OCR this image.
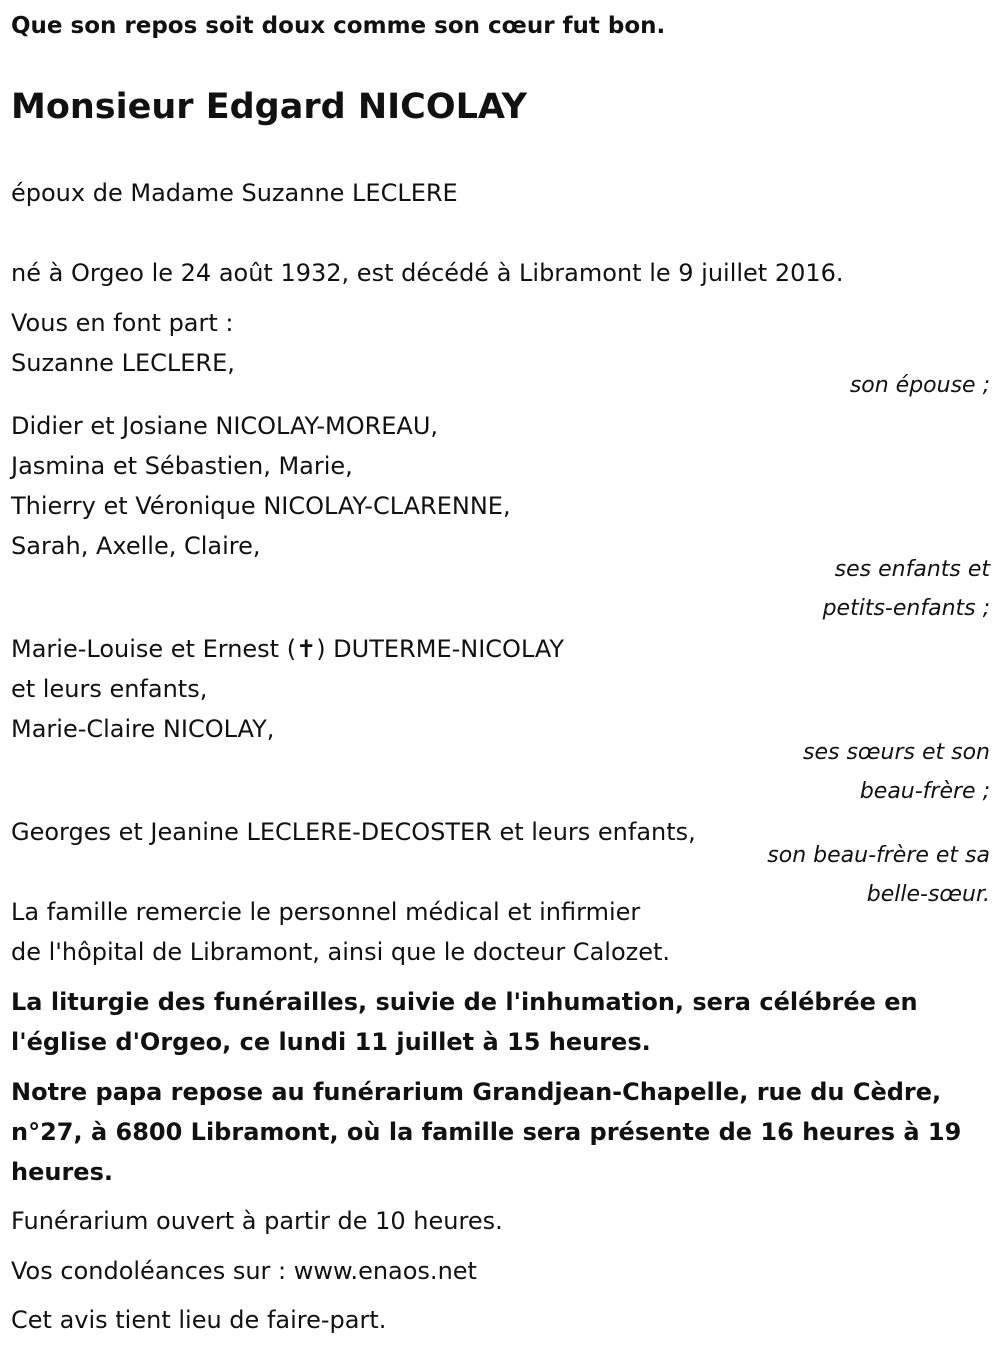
Que son repos soit doux comme son cœur fut bon.
Monsieur Edgard NICOLAY
époux de Madame Suzanne LECLERE
né à Orgeo le 24 août 1932, est décédé à Libramont le 9 juillet 2016.
Vous en font part :
Suzanne LECLERE,
son épouse ;
Didier et Josiane NICOLAY-MOREAU,
Jasmina et Sébastien, Marie,
Thierry et Véronique NICOLAY-CLARENNE,
Sarah, Axelle, Claire,
ses enfants et
petits-enfants ;
Marie-Louise et Ernest (✝) DUTERME-NICOLAY
et leurs enfants,
Marie-Claire NICOLAY,
ses sœurs et son
beau-frère ;
Georges et Jeanine LECLERE-DECOSTER et leurs enfants,
son beau-frère et sa
belle-sœur.
La famille remercie le personnel médical et infirmier
de l'hôpital de Libramont, ainsi que le docteur Calozet.
La liturgie des funérailles, suivie de l'inhumation, sera célébrée en
l'église d'Orgeo, ce lundi 11 juillet à 15 heures.
Notre papa repose au funérarium Grandjean-Chapelle, rue du Cèdre,
n°27, à 6800 Libramont, où la famille sera présente de 16 heures à 19
heures.
Funérarium ouvert à partir de 10 heures.
Vos condoléances sur : www.enaos.net
Cet avis tient lieu de faire-part.
